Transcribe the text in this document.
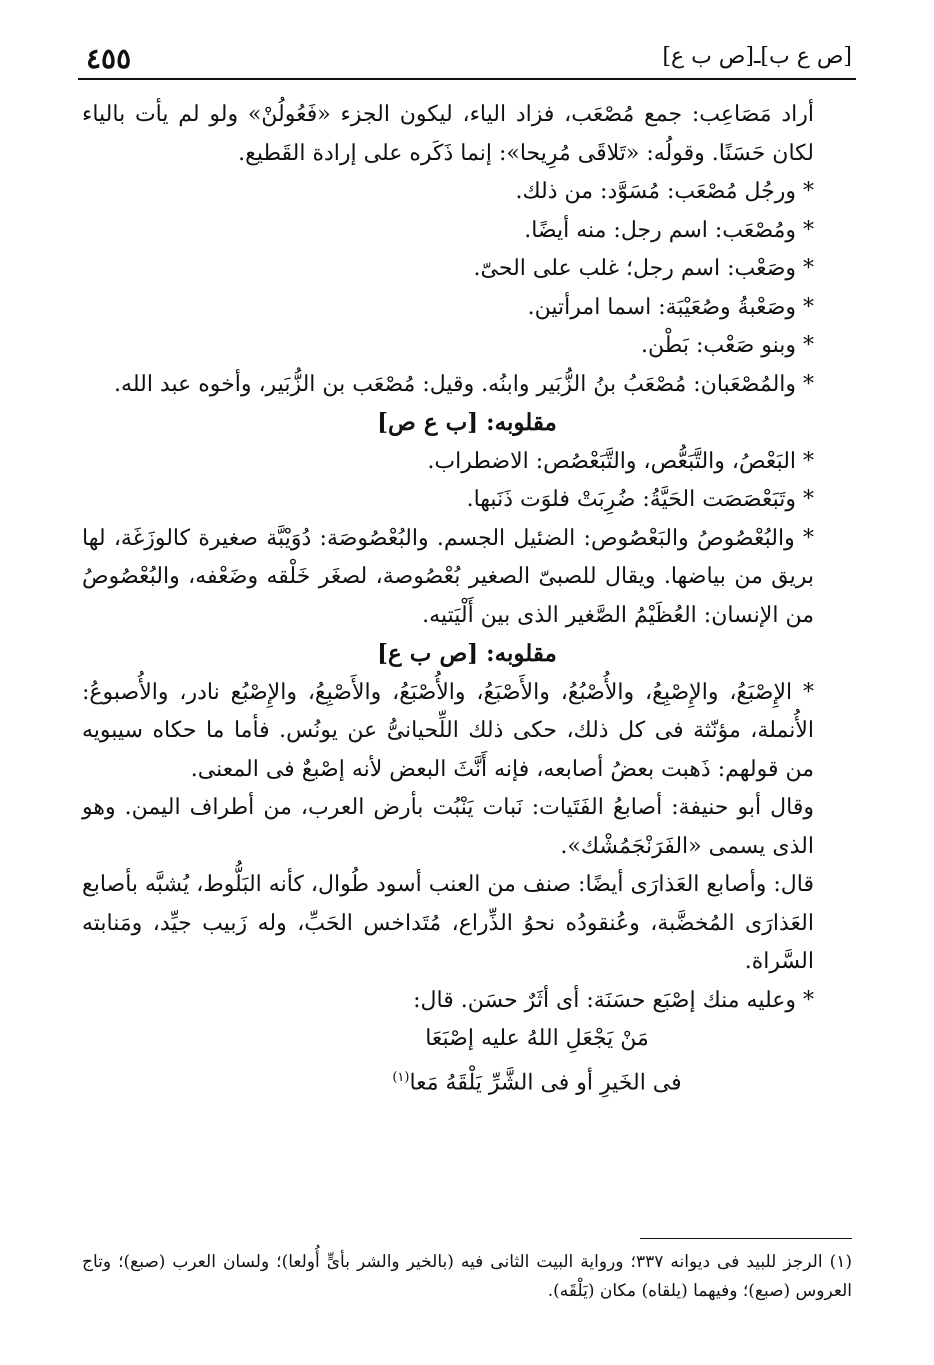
٤٥٥	[ص ع ب]ـ[ص ب ع]

أراد مَصَاعِب: جمع مُصْعَب، فزاد الياء، ليكون الجزء «فَعُولُنْ» ولو لم يأت بالياء لكان حَسَنًا. وقولُه: «تَلاقَى مُرِيحا»: إنما ذَكَره على إرادة القَطيع.

* ورجُل مُصْعَب: مُسَوَّد: من ذلك.

* ومُصْعَب: اسم رجل: منه أيضًا.

* وصَعْب: اسم رجل؛ غلب على الحىّ.

* وصَعْبةُ وصُعَيْبَة: اسما امرأتين.

* وبنو صَعْب: بَطْن.

* والمُصْعَبان: مُصْعَبُ بنُ الزُّبَير وابنُه. وقيل: مُصْعَب بن الزُّبَير، وأخوه عبد الله.

مقلوبه: [ب ع ص]

* البَعْصُ، والتَّبَعُّص، والتَّبَعْصُص: الاضطراب.

* وتَبَعْصَصَت الحَيَّةُ: ضُرِبَتْ فلوَت ذَنَبها.

* والبُعْصُوصُ والبَعْصُوص: الضئيل الجسم. والبُعْصُوصَة: دُوَيْبَّة صغيرة كالوزَغَة، لها بريق من بياضها. ويقال للصبىّ الصغير بُعْصُوصة، لصغَر خَلْقه وضَعْفه، والبُعْصُوصُ من الإنسان: العُظَيْمُ الصَّغير الذى بين أَلْيَتيه.

مقلوبه: [ص ب ع]

* الإِصْبَعُ، والإِصْبِعُ، والأُصْبُعُ، والأَصْبَعُ، والأُصْبَعُ، والأَصْبِعُ، والإِصْبُع نادر، والأُصبوعُ: الأُنملة، مؤنّثة فى كل ذلك، حكى ذلك اللِّحيانىُّ عن يونُس. فأما ما حكاه سيبويه من قولهم: ذَهبت بعضُ أصابعه، فإنه أَنَّثَ البعض لأنه إصْبعٌ فى المعنى.

وقال أبو حنيفة: أصابعُ الفَتَيات: نَبات يَنْبُت بأرض العرب، من أطراف اليمن. وهو الذى يسمى «الفَرَنْجَمُشْك».

قال: وأصابع العَذارَى أيضًا: صنف من العنب أسود طُوال، كأنه البَلُّوط، يُشبَّه بأصابع العَذارَى المُخضَّبة، وعُنقودُه نحوُ الذِّراع، مُتَداخس الحَبِّ، وله زَبيب جيِّد، ومَنابته السَّراة.

* وعليه منك إصْبَع حسَنَة: أى أثَرٌ حسَن. قال:

مَنْ يَجْعَلِ اللهُ عليه إصْبَعَا

فى الخَيرِ أو فى الشَّرِّ يَلْقَهُ مَعا$^{(١)}$

(١) الرجز للبيد فى ديوانه ٣٣٧؛ ورواية البيت الثانى فيه (بالخير والشر بأىٍّ أُولعا)؛ ولسان العرب (صبع)؛ وتاج العروس (صبع)؛ وفيهما (يلقاه) مكان (يَلْقَه).
